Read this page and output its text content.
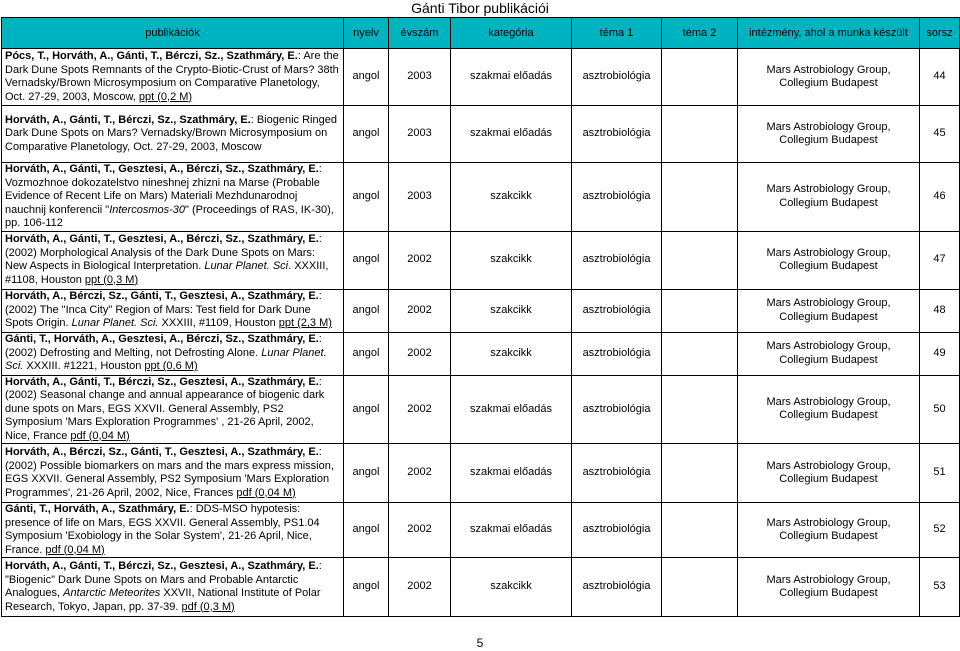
Gánti Tibor publikációi
publikációk	nyelv	évszám	kategória	téma 1	téma 2	intézmény, ahol a munka készült	sorsz
Pócs, T., Horváth, A., Gánti, T., Bérczi, Sz., Szathmáry, E.: Are the Dark Dune Spots Remnants of the Crypto-Biotic-Crust of Mars? 38th Vernadsky/Brown Microsymposium on Comparative Planetology, Oct. 27-29, 2003, Moscow, ppt (0,2 M)	angol	2003	szakmai előadás	asztrobiológia		Mars Astrobiology Group, Collegium Budapest	44
Horváth, A., Gánti, T., Bérczi, Sz., Szathmáry, E.: Biogenic Ringed Dark Dune Spots on Mars? Vernadsky/Brown Microsymposium on Comparative Planetology, Oct. 27-29, 2003, Moscow	angol	2003	szakmai előadás	asztrobiológia		Mars Astrobiology Group, Collegium Budapest	45
Horváth, A., Gánti, T., Gesztesi, A., Bérczi, Sz., Szathmáry, E.: Vozmozhnoe dokozatelstvo nineshnej zhizni na Marse (Probable Evidence of Recent Life on Mars) Materiali Mezhdunarodnoj nauchnij konferencii "Intercosmos-30" (Proceedings of RAS, IK-30), pp. 106-112	angol	2003	szakcikk	asztrobiológia		Mars Astrobiology Group, Collegium Budapest	46
Horváth, A., Gánti, T., Gesztesi, A., Bérczi, Sz., Szathmáry, E.: (2002) Morphological Analysis of the Dark Dune Spots on Mars: New Aspects in Biological Interpretation. Lunar Planet. Sci. XXXIII, #1108, Houston ppt (0,3 M)	angol	2002	szakcikk	asztrobiológia		Mars Astrobiology Group, Collegium Budapest	47
Horváth, A., Bérczi, Sz., Gánti, T., Gesztesi, A., Szathmáry, E.: (2002) The "Inca City" Region of Mars: Test field for Dark Dune Spots Origin. Lunar Planet. Sci. XXXIII, #1109, Houston ppt (2,3 M)	angol	2002	szakcikk	asztrobiológia		Mars Astrobiology Group, Collegium Budapest	48
Gánti, T., Horváth, A., Gesztesi, A., Bérczi, Sz., Szathmáry, E.: (2002) Defrosting and Melting, not Defrosting Alone. Lunar Planet. Sci. XXXIII. #1221, Houston ppt (0,6 M)	angol	2002	szakcikk	asztrobiológia		Mars Astrobiology Group, Collegium Budapest	49
Horváth, A., Gánti, T., Bérczi, Sz., Gesztesi, A., Szathmáry, E.: (2002) Seasonal change and annual appearance of biogenic dark dune spots on Mars, EGS XXVII. General Assembly, PS2 Symposium 'Mars Exploration Programmes' , 21-26 April, 2002, Nice, France pdf (0,04 M)	angol	2002	szakmai előadás	asztrobiológia		Mars Astrobiology Group, Collegium Budapest	50
Horváth, A., Bérczi, Sz., Gánti, T., Gesztesi, A., Szathmáry, E.: (2002) Possible biomarkers on mars and the mars express mission, EGS XXVII. General Assembly, PS2 Symposium 'Mars Exploration Programmes', 21-26 April, 2002, Nice, Frances pdf (0,04 M)	angol	2002	szakmai előadás	asztrobiológia		Mars Astrobiology Group, Collegium Budapest	51
Gánti, T., Horváth, A., Szathmáry, E.: DDS-MSO hypotesis: presence of life on Mars, EGS XXVII. General Assembly, PS1.04 Symposium 'Exobiology in the Solar System', 21-26 April, Nice, France. pdf (0,04 M)	angol	2002	szakmai előadás	asztrobiológia		Mars Astrobiology Group, Collegium Budapest	52
Horváth, A., Gánti, T., Bérczi, Sz., Gesztesi, A., Szathmáry, E.: "Biogenic" Dark Dune Spots on Mars and Probable Antarctic Analogues, Antarctic Meteorites XXVII, National Institute of Polar Research, Tokyo, Japan, pp. 37-39. pdf (0,3 M)	angol	2002	szakcikk	asztrobiológia		Mars Astrobiology Group, Collegium Budapest	53
5
